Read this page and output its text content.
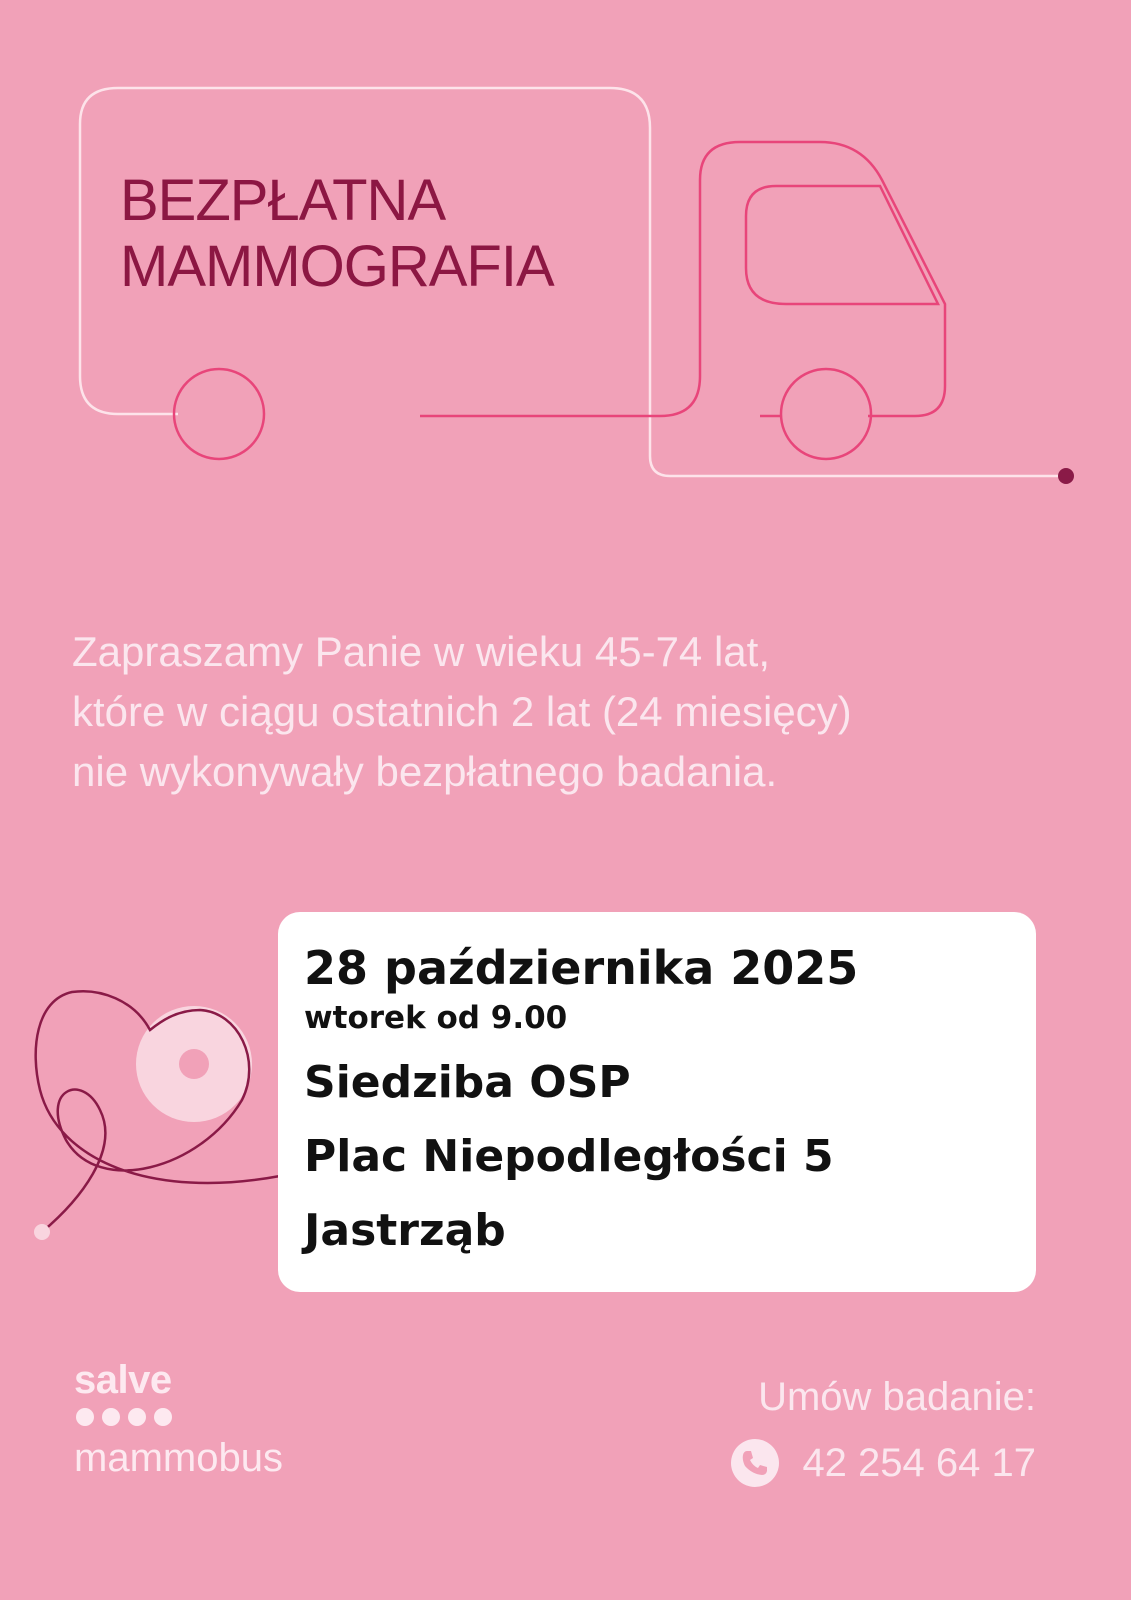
BEZPŁATNA
MAMMOGRAFIA

Zapraszamy Panie w wieku 45-74 lat,
które w ciągu ostatnich 2 lat (24 miesięcy)
nie wykonywały bezpłatnego badania.

28 października 2025
wtorek od 9.00
Siedziba OSP
Plac Niepodległości 5
Jastrząb
salve
mammobus
Umów badanie:
42 254 64 17
